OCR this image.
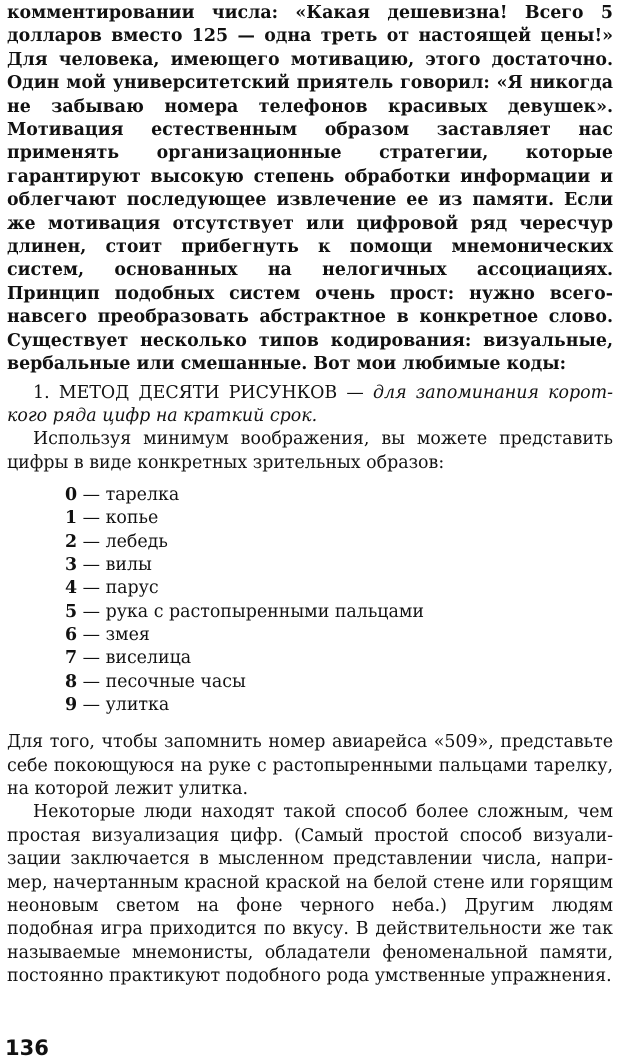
комментировании числа: «Какая дешевизна! Всего 5 долларов вместо 125 — одна треть от настоящей цены!» Для человека, имеющего мотивацию, этого достаточно. Один мой университетский приятель говорил: «Я никогда не забываю номера телефонов красивых девушек». Мотивация естественным образом заставляет нас применять организационные стратегии, которые гарантируют высокую степень обработки информации и облегчают последующее извлечение ее из памяти. Если же мотивация отсутствует или цифровой ряд чересчур длинен, стоит прибегнуть к помощи мнемонических систем, основанных на нелогичных ассоциациях. Принцип подобных систем очень прост: нужно всего-навсего преобразовать абстрактное в конкретное слово. Существует несколько типов кодирования: визуальные, вербальные или смешанные. Вот мои любимые коды:

1. МЕТОД ДЕСЯТИ РИСУНКОВ — для запоминания короткого ряда цифр на краткий срок.

Используя минимум воображения, вы можете представить цифры в виде конкретных зрительных образов:

0 — тарелка
1 — копье
2 — лебедь
3 — вилы
4 — парус
5 — рука с растопыренными пальцами
6 — змея
7 — виселица
8 — песочные часы
9 — улитка

Для того, чтобы запомнить номер авиарейса «509», представьте себе покоющуюся на руке с растопыренными пальцами тарелку, на которой лежит улитка.

Некоторые люди находят такой способ более сложным, чем простая визуализация цифр. (Самый простой способ визуализации заключается в мысленном представлении числа, например, начертанным красной краской на белой стене или горящим неоновым светом на фоне черного неба.) Другим людям подобная игра приходится по вкусу. В действительности же так называемые мнемонисты, обладатели феноменальной памяти, постоянно практикуют подобного рода умственные упражнения.

136
